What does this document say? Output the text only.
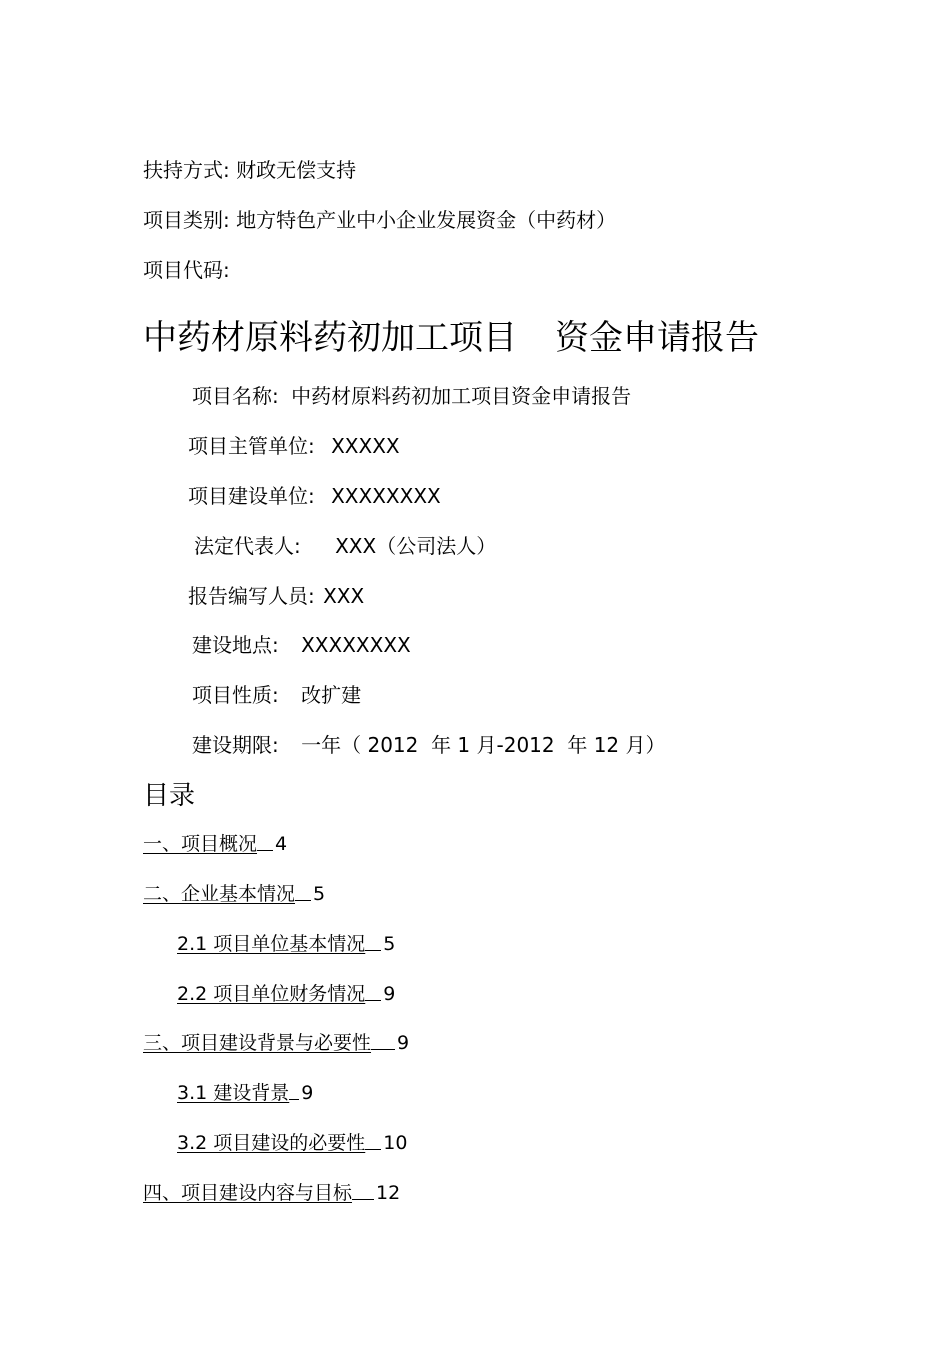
扶持方式: 财政无偿支持
项目类别: 地方特色产业中小企业发展资金（中药材）
项目代码:
中药材原料药初加工项目 资金申请报告
项目名称: 中药材原料药初加工项目资金申请报告
项目主管单位: XXXXX
项目建设单位: XXXXXXXX
法定代表人: XXX（公司法人）
报告编写人员: XXX
建设地点: XXXXXXXX
项目性质: 改扩建
建设期限: 一年（ 2012  年 1 月-2012  年 12 月）
目录
一、项目概况 4
二、企业基本情况 5
2.1 项目单位基本情况 5
2.2 项目单位财务情况 9
三、项目建设背景与必要性 9
3.1 建设背景 9
3.2 项目建设的必要性 10
四、项目建设内容与目标 12
